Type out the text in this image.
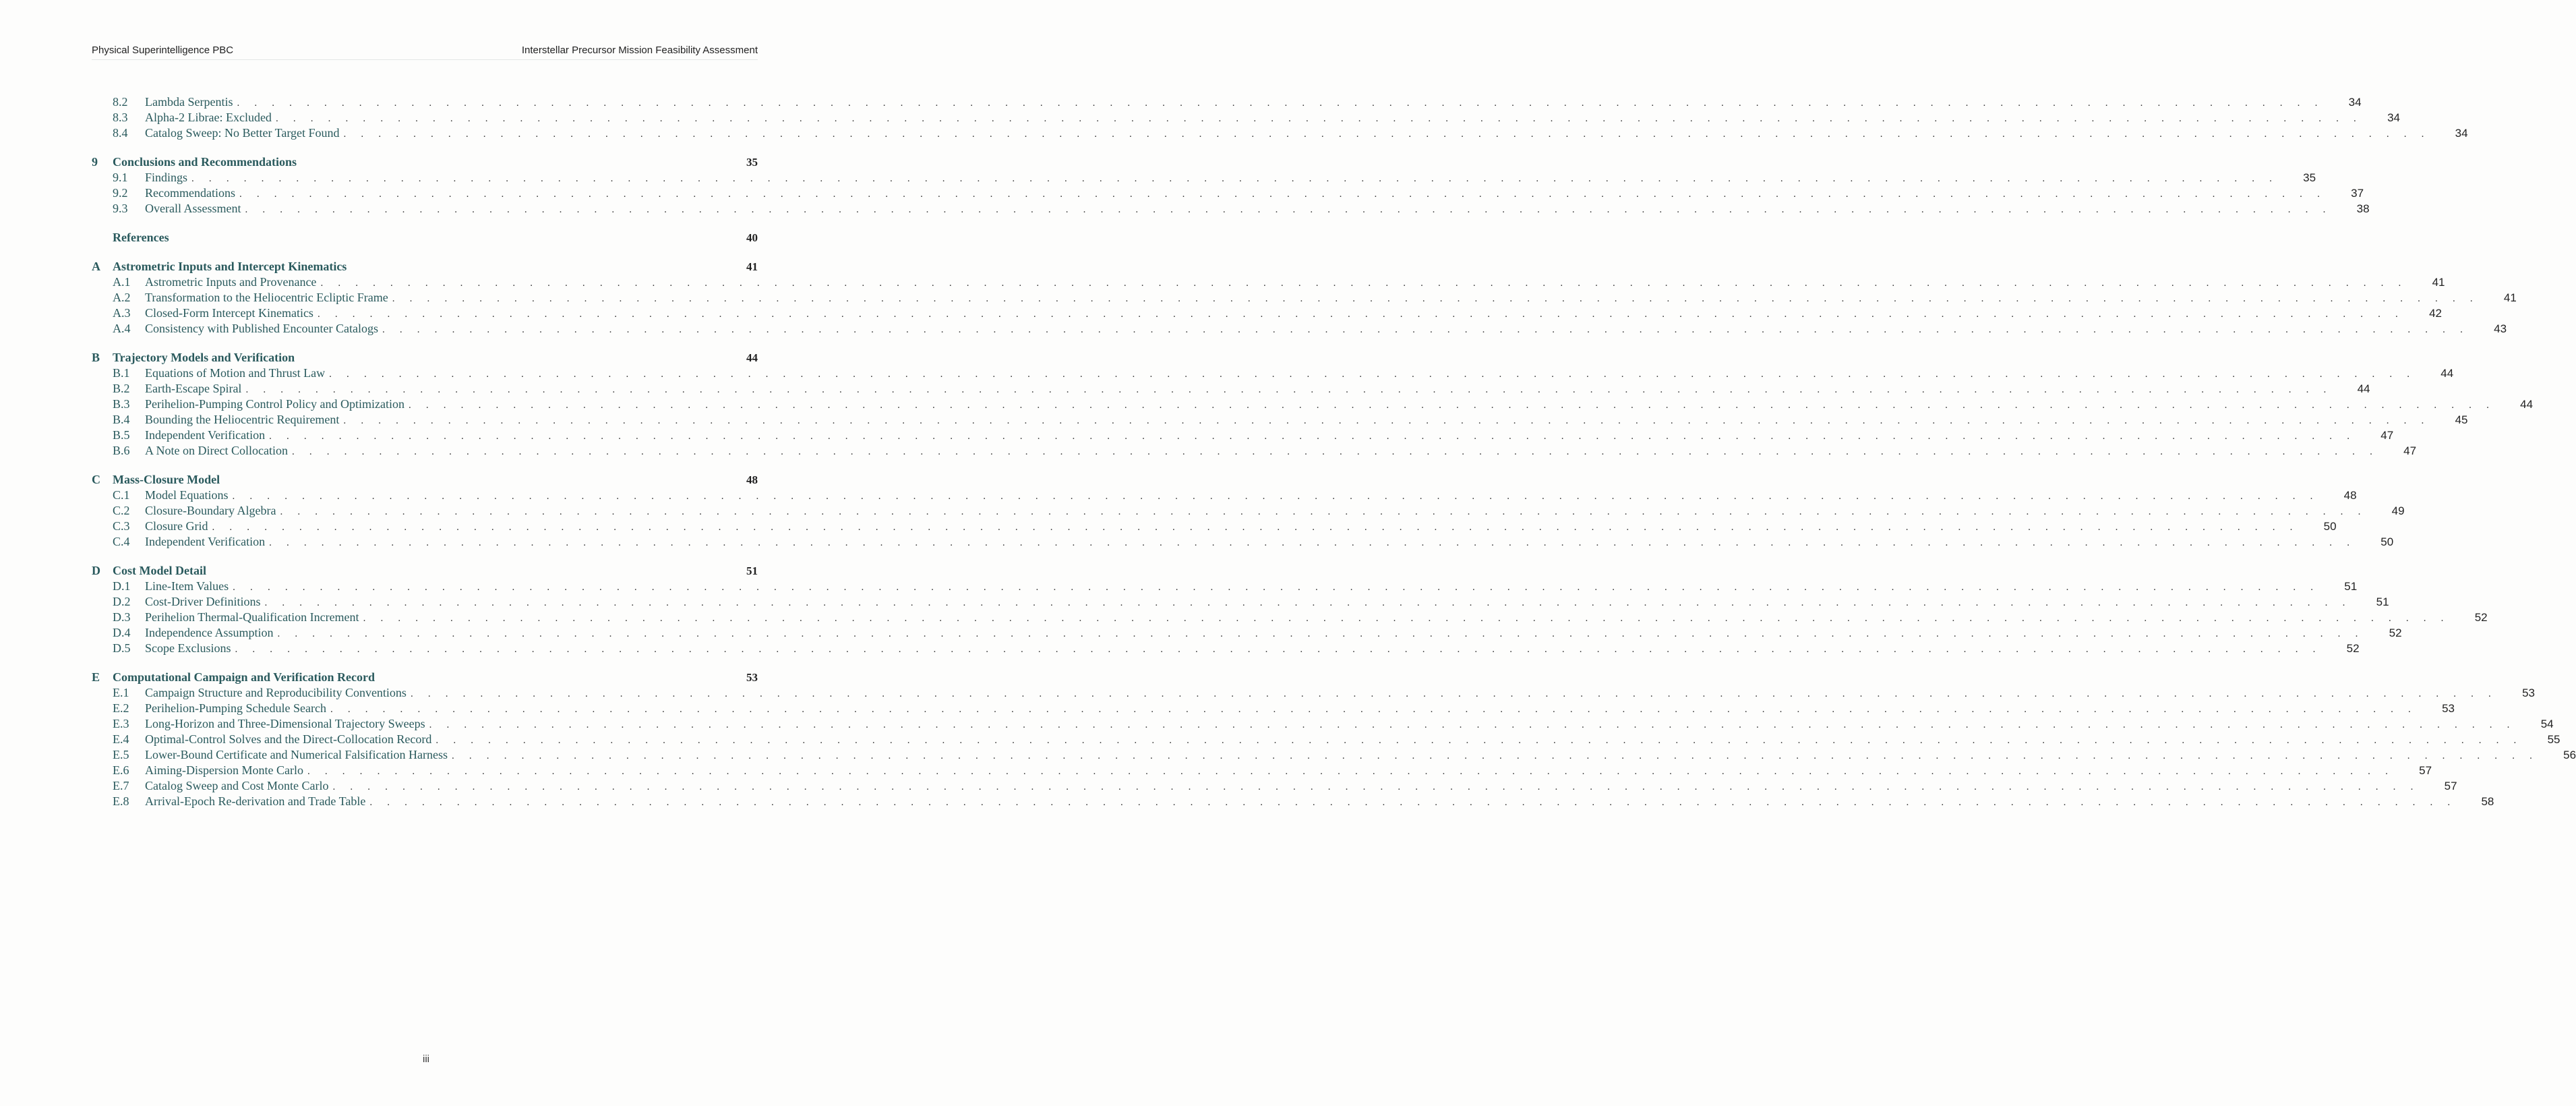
Physical Superintelligence PBC	Interstellar Precursor Mission Feasibility Assessment
8.2	Lambda Serpentis . . . . . . . . . . . . . . . . . . . . . . . . . . . . . . . . . . . . . . . . . . . . . . . . . . . . . . . . . . . . . . . . . . . . . . . . . . . . . . . . . . . . . . . . . . . . . . . . . . . . . . . . . . . . . . . . . . . . . . . .	34
8.3	Alpha-2 Librae: Excluded . . . . . . . . . . . . . . . . . . . . . . . . . . . . . . . . . . . . . . . . . . . . . . . . . . . . . . . . . . . . . . . . . . . . . . . . . . . . . . . . . . . . . . . . . . . . . . . . . . . . . . . . . . . . . . . . . . . . . . . .	34
8.4	Catalog Sweep: No Better Target Found . . . . . . . . . . . . . . . . . . . . . . . . . . . . . . . . . . . . . . . . . . . . . . . . . . . . . . . . . . . . . . . . . . . . . . . . . . . . . . . . . . . . . . . . . . . . . . . . . . . . . . . . . . . . . . . . . . . . . . . .	34
9	Conclusions and Recommendations	35
9.1	Findings . . . . . . . . . . . . . . . . . . . . . . . . . . . . . . . . . . . . . . . . . . . . . . . . . . . . . . . . . . . . . . . . . . . . . . . . . . . . . . . . . . . . . . . . . . . . . . . . . . . . . . . . . . . . . . . . . . . . . . . .	35
9.2	Recommendations . . . . . . . . . . . . . . . . . . . . . . . . . . . . . . . . . . . . . . . . . . . . . . . . . . . . . . . . . . . . . . . . . . . . . . . . . . . . . . . . . . . . . . . . . . . . . . . . . . . . . . . . . . . . . . . . . . . . . . . .	37
9.3	Overall Assessment . . . . . . . . . . . . . . . . . . . . . . . . . . . . . . . . . . . . . . . . . . . . . . . . . . . . . . . . . . . . . . . . . . . . . . . . . . . . . . . . . . . . . . . . . . . . . . . . . . . . . . . . . . . . . . . . . . . . . . . .	38
References	40
A	Astrometric Inputs and Intercept Kinematics	41
A.1	Astrometric Inputs and Provenance . . . . . . . . . . . . . . . . . . . . . . . . . . . . . . . . . . . . . . . . . . . . . . . . . . . . . . . . . . . . . . . . . . . . . . . . . . . . . . . . . . . . . . . . . . . . . . . . . . . . . . . . . . . . . . . . . . . . . . . .	41
A.2	Transformation to the Heliocentric Ecliptic Frame . . . . . . . . . . . . . . . . . . . . . . . . . . . . . . . . . . . . . . . . . . . . . . . . . . . . . . . . . . . . . . . . . . . . . . . . . . . . . . . . . . . . . . . . . . . . . . . . . . . . . . . . . . . . . . . . . . . . . . . .	41
A.3	Closed-Form Intercept Kinematics . . . . . . . . . . . . . . . . . . . . . . . . . . . . . . . . . . . . . . . . . . . . . . . . . . . . . . . . . . . . . . . . . . . . . . . . . . . . . . . . . . . . . . . . . . . . . . . . . . . . . . . . . . . . . . . . . . . . . . . .	42
A.4	Consistency with Published Encounter Catalogs . . . . . . . . . . . . . . . . . . . . . . . . . . . . . . . . . . . . . . . . . . . . . . . . . . . . . . . . . . . . . . . . . . . . . . . . . . . . . . . . . . . . . . . . . . . . . . . . . . . . . . . . . . . . . . . . . . . . . . . .	43
B	Trajectory Models and Verification	44
B.1	Equations of Motion and Thrust Law . . . . . . . . . . . . . . . . . . . . . . . . . . . . . . . . . . . . . . . . . . . . . . . . . . . . . . . . . . . . . . . . . . . . . . . . . . . . . . . . . . . . . . . . . . . . . . . . . . . . . . . . . . . . . . . . . . . . . . . .	44
B.2	Earth-Escape Spiral . . . . . . . . . . . . . . . . . . . . . . . . . . . . . . . . . . . . . . . . . . . . . . . . . . . . . . . . . . . . . . . . . . . . . . . . . . . . . . . . . . . . . . . . . . . . . . . . . . . . . . . . . . . . . . . . . . . . . . . .	44
B.3	Perihelion-Pumping Control Policy and Optimization . . . . . . . . . . . . . . . . . . . . . . . . . . . . . . . . . . . . . . . . . . . . . . . . . . . . . . . . . . . . . . . . . . . . . . . . . . . . . . . . . . . . . . . . . . . . . . . . . . . . . . . . . . . . . . . . . . . . . . . .	44
B.4	Bounding the Heliocentric Requirement . . . . . . . . . . . . . . . . . . . . . . . . . . . . . . . . . . . . . . . . . . . . . . . . . . . . . . . . . . . . . . . . . . . . . . . . . . . . . . . . . . . . . . . . . . . . . . . . . . . . . . . . . . . . . . . . . . . . . . . .	45
B.5	Independent Verification . . . . . . . . . . . . . . . . . . . . . . . . . . . . . . . . . . . . . . . . . . . . . . . . . . . . . . . . . . . . . . . . . . . . . . . . . . . . . . . . . . . . . . . . . . . . . . . . . . . . . . . . . . . . . . . . . . . . . . . .	47
B.6	A Note on Direct Collocation . . . . . . . . . . . . . . . . . . . . . . . . . . . . . . . . . . . . . . . . . . . . . . . . . . . . . . . . . . . . . . . . . . . . . . . . . . . . . . . . . . . . . . . . . . . . . . . . . . . . . . . . . . . . . . . . . . . . . . . .	47
C	Mass-Closure Model	48
C.1	Model Equations . . . . . . . . . . . . . . . . . . . . . . . . . . . . . . . . . . . . . . . . . . . . . . . . . . . . . . . . . . . . . . . . . . . . . . . . . . . . . . . . . . . . . . . . . . . . . . . . . . . . . . . . . . . . . . . . . . . . . . . .	48
C.2	Closure-Boundary Algebra . . . . . . . . . . . . . . . . . . . . . . . . . . . . . . . . . . . . . . . . . . . . . . . . . . . . . . . . . . . . . . . . . . . . . . . . . . . . . . . . . . . . . . . . . . . . . . . . . . . . . . . . . . . . . . . . . . . . . . . .	49
C.3	Closure Grid . . . . . . . . . . . . . . . . . . . . . . . . . . . . . . . . . . . . . . . . . . . . . . . . . . . . . . . . . . . . . . . . . . . . . . . . . . . . . . . . . . . . . . . . . . . . . . . . . . . . . . . . . . . . . . . . . . . . . . . .	50
C.4	Independent Verification . . . . . . . . . . . . . . . . . . . . . . . . . . . . . . . . . . . . . . . . . . . . . . . . . . . . . . . . . . . . . . . . . . . . . . . . . . . . . . . . . . . . . . . . . . . . . . . . . . . . . . . . . . . . . . . . . . . . . . . .	50
D	Cost Model Detail	51
D.1	Line-Item Values . . . . . . . . . . . . . . . . . . . . . . . . . . . . . . . . . . . . . . . . . . . . . . . . . . . . . . . . . . . . . . . . . . . . . . . . . . . . . . . . . . . . . . . . . . . . . . . . . . . . . . . . . . . . . . . . . . . . . . . .	51
D.2	Cost-Driver Definitions . . . . . . . . . . . . . . . . . . . . . . . . . . . . . . . . . . . . . . . . . . . . . . . . . . . . . . . . . . . . . . . . . . . . . . . . . . . . . . . . . . . . . . . . . . . . . . . . . . . . . . . . . . . . . . . . . . . . . . . .	51
D.3	Perihelion Thermal-Qualification Increment . . . . . . . . . . . . . . . . . . . . . . . . . . . . . . . . . . . . . . . . . . . . . . . . . . . . . . . . . . . . . . . . . . . . . . . . . . . . . . . . . . . . . . . . . . . . . . . . . . . . . . . . . . . . . . . . . . . . . . . .	52
D.4	Independence Assumption . . . . . . . . . . . . . . . . . . . . . . . . . . . . . . . . . . . . . . . . . . . . . . . . . . . . . . . . . . . . . . . . . . . . . . . . . . . . . . . . . . . . . . . . . . . . . . . . . . . . . . . . . . . . . . . . . . . . . . . .	52
D.5	Scope Exclusions . . . . . . . . . . . . . . . . . . . . . . . . . . . . . . . . . . . . . . . . . . . . . . . . . . . . . . . . . . . . . . . . . . . . . . . . . . . . . . . . . . . . . . . . . . . . . . . . . . . . . . . . . . . . . . . . . . . . . . . .	52
E	Computational Campaign and Verification Record	53
E.1	Campaign Structure and Reproducibility Conventions . . . . . . . . . . . . . . . . . . . . . . . . . . . . . . . . . . . . . . . . . . . . . . . . . . . . . . . . . . . . . . . . . . . . . . . . . . . . . . . . . . . . . . . . . . . . . . . . . . . . . . . . . . . . . . . . . . . . . . . .	53
E.2	Perihelion-Pumping Schedule Search . . . . . . . . . . . . . . . . . . . . . . . . . . . . . . . . . . . . . . . . . . . . . . . . . . . . . . . . . . . . . . . . . . . . . . . . . . . . . . . . . . . . . . . . . . . . . . . . . . . . . . . . . . . . . . . . . . . . . . . .	53
E.3	Long-Horizon and Three-Dimensional Trajectory Sweeps . . . . . . . . . . . . . . . . . . . . . . . . . . . . . . . . . . . . . . . . . . . . . . . . . . . . . . . . . . . . . . . . . . . . . . . . . . . . . . . . . . . . . . . . . . . . . . . . . . . . . . . . . . . . . . . . . . . . . . . .	54
E.4	Optimal-Control Solves and the Direct-Collocation Record . . . . . . . . . . . . . . . . . . . . . . . . . . . . . . . . . . . . . . . . . . . . . . . . . . . . . . . . . . . . . . . . . . . . . . . . . . . . . . . . . . . . . . . . . . . . . . . . . . . . . . . . . . . . . . . . . . . . . . . .	55
E.5	Lower-Bound Certificate and Numerical Falsification Harness . . . . . . . . . . . . . . . . . . . . . . . . . . . . . . . . . . . . . . . . . . . . . . . . . . . . . . . . . . . . . . . . . . . . . . . . . . . . . . . . . . . . . . . . . . . . . . . . . . . . . . . . . . . . . . . . . . . . . . . .	56
E.6	Aiming-Dispersion Monte Carlo . . . . . . . . . . . . . . . . . . . . . . . . . . . . . . . . . . . . . . . . . . . . . . . . . . . . . . . . . . . . . . . . . . . . . . . . . . . . . . . . . . . . . . . . . . . . . . . . . . . . . . . . . . . . . . . . . . . . . . . .	57
E.7	Catalog Sweep and Cost Monte Carlo . . . . . . . . . . . . . . . . . . . . . . . . . . . . . . . . . . . . . . . . . . . . . . . . . . . . . . . . . . . . . . . . . . . . . . . . . . . . . . . . . . . . . . . . . . . . . . . . . . . . . . . . . . . . . . . . . . . . . . . .	57
E.8	Arrival-Epoch Re-derivation and Trade Table . . . . . . . . . . . . . . . . . . . . . . . . . . . . . . . . . . . . . . . . . . . . . . . . . . . . . . . . . . . . . . . . . . . . . . . . . . . . . . . . . . . . . . . . . . . . . . . . . . . . . . . . . . . . . . . . . . . . . . . .	58
iii
